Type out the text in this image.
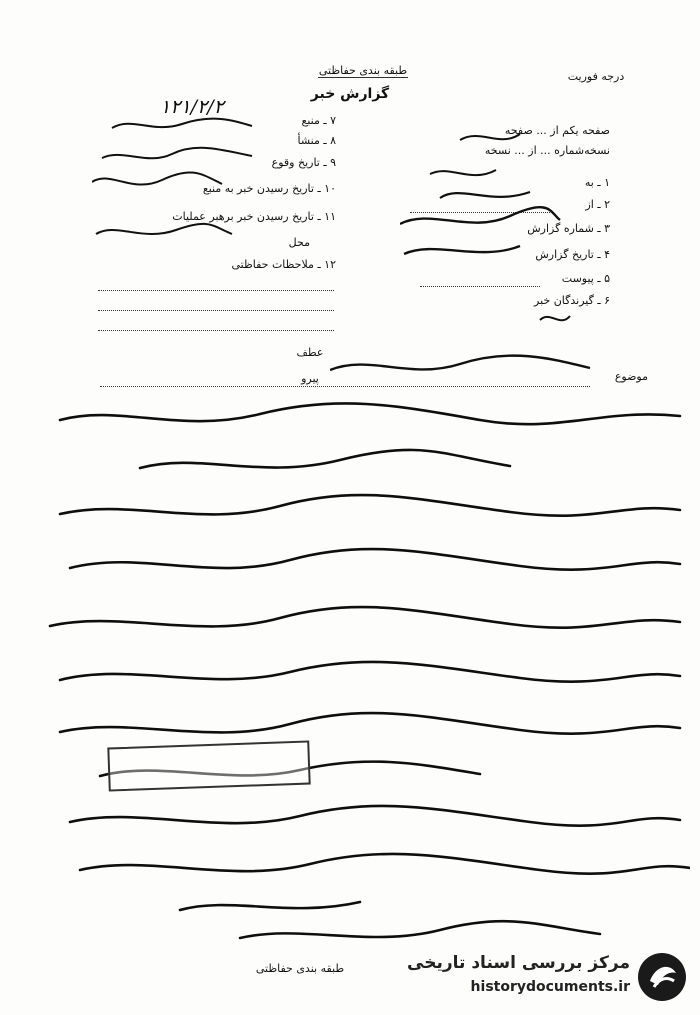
طبقه بندی حفاظتی	درجه فوریت
گزارش خبر
۱۲۱/۲/۲
۷ ـ منبع
۸ ـ منشأ
۹ ـ تاریخ وقوع
۱۰ ـ تاریخ رسیدن خبر به منبع
۱۱ ـ تاریخ رسیدن خبر برهبر عملیات
محل
۱۲ ـ ملاحظات حفاظتی
صفحه یکم از ... صفحه
نسخه‌شماره ... از ... نسخه
۱ ـ به
۲ ـ از
۳ ـ شماره گزارش
۴ ـ تاریخ گزارش
۵ ـ پیوست
۶ ـ گیرندگان خبر
عطف
پیرو	موضوع
طبقه بندی حفاظتی	مرکز بررسی اسناد تاریخی
historydocuments.ir
